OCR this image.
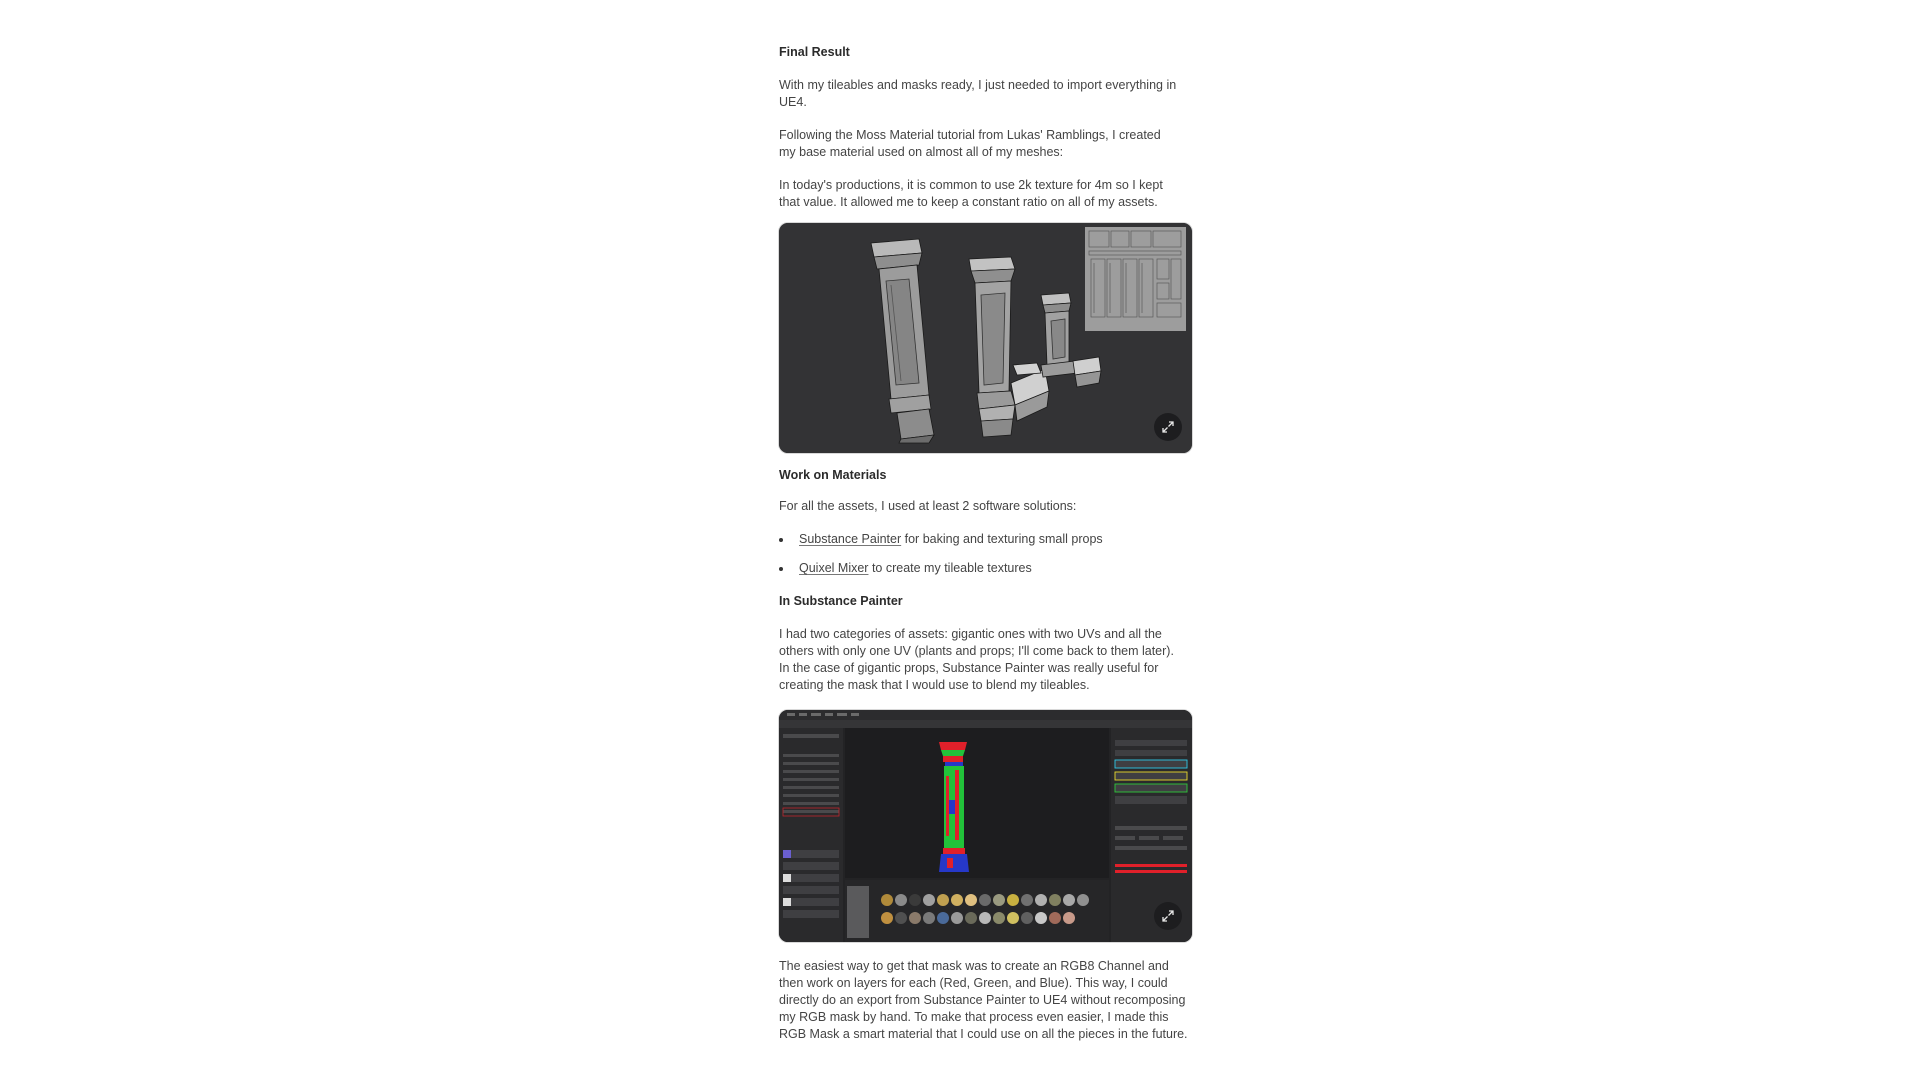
Final Result

With my tileables and masks ready, I just needed to import everything in UE4.

Following the Moss Material tutorial from Lukas' Ramblings, I created my base material used on almost all of my meshes:

In today's productions, it is common to use 2k texture for 4m so I kept that value. It allowed me to keep a constant ratio on all of my assets.

Work on Materials

For all the assets, I used at least 2 software solutions:

Substance Painter for baking and texturing small props
Quixel Mixer to create my tileable textures
In Substance Painter

I had two categories of assets: gigantic ones with two UVs and all the others with only one UV (plants and props; I'll come back to them later). In the case of gigantic props, Substance Painter was really useful for creating the mask that I would use to blend my tileables.

The easiest way to get that mask was to create an RGB8 Channel and then work on layers for each (Red, Green, and Blue). This way, I could directly do an export from Substance Painter to UE4 without recomposing my RGB mask by hand. To make that process even easier, I made this RGB Mask a smart material that I could use on all the pieces in the future.
